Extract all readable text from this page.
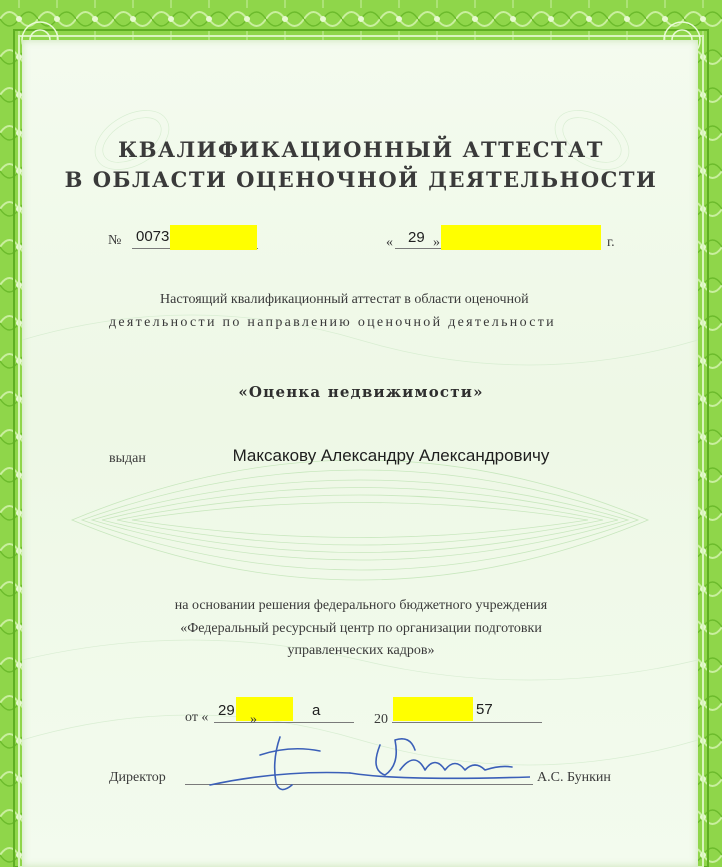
КВАЛИФИКАЦИОННЫЙ АТТЕСТАТ
В ОБЛАСТИ ОЦЕНОЧНОЙ ДЕЯТЕЛЬНОСТИ
№ 0073	« 29 »	г.
Настоящий квалификационный аттестат в области оценочной
деятельности по направлению оценочной деятельности
«Оценка недвижимости»
выдан	Максакову Александру Александровичу
на основании решения федерального бюджетного учреждения
«Федеральный ресурсный центр по организации подготовки
управленческих кадров»
от « 29
»
а
20
57
Директор	А.С. Бункин
